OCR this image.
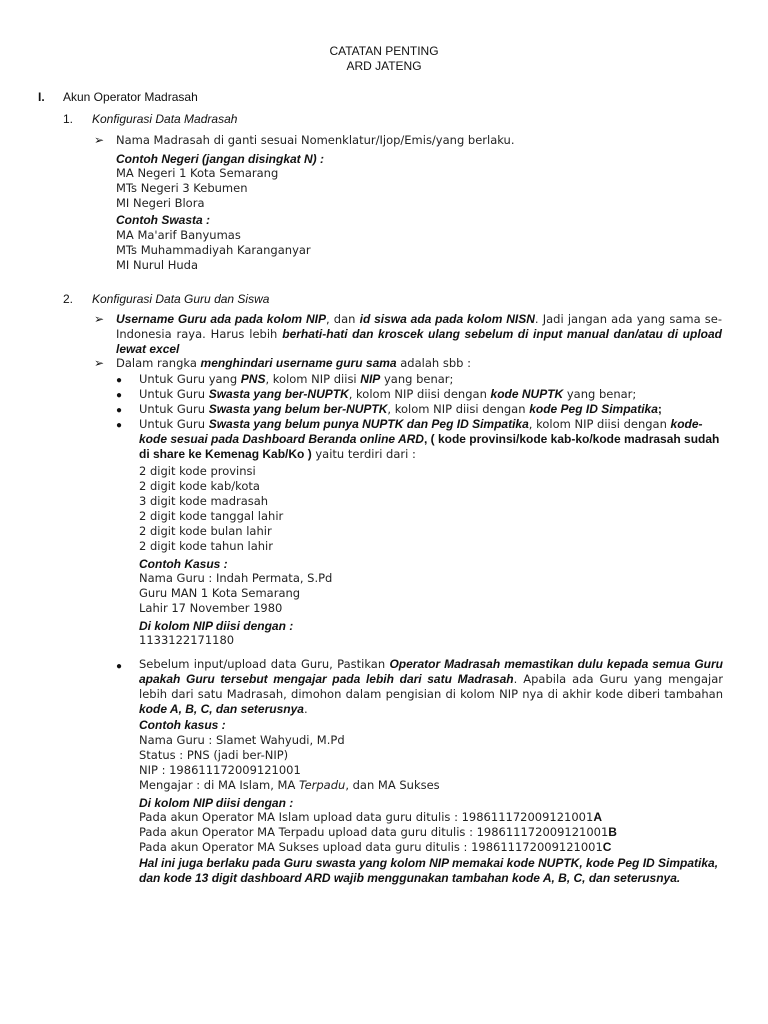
CATATAN PENTING
ARD JATENG
I. Akun Operator Madrasah
1. Konfigurasi Data Madrasah
➢ Nama Madrasah di ganti sesuai Nomenklatur/Ijop/Emis/yang berlaku.
Contoh Negeri (jangan disingkat N) :
MA Negeri 1 Kota Semarang
MTs Negeri 3 Kebumen
MI Negeri Blora
Contoh Swasta :
MA Ma'arif Banyumas
MTs Muhammadiyah Karanganyar
MI Nurul Huda
2. Konfigurasi Data Guru dan Siswa
➢ Username Guru ada pada kolom NIP, dan id siswa ada pada kolom NISN. Jadi jangan ada yang sama se-Indonesia raya. Harus lebih berhati-hati dan kroscek ulang sebelum di input manual dan/atau di upload lewat excel
➢ Dalam rangka menghindari username guru sama adalah sbb :
● Untuk Guru yang PNS, kolom NIP diisi NIP yang benar;
● Untuk Guru Swasta yang ber-NUPTK, kolom NIP diisi dengan kode NUPTK yang benar;
● Untuk Guru Swasta yang belum ber-NUPTK, kolom NIP diisi dengan kode Peg ID Simpatika;
● Untuk Guru Swasta yang belum punya NUPTK dan Peg ID Simpatika, kolom NIP diisi dengan kode-kode sesuai pada Dashboard Beranda online ARD, ( kode provinsi/kode kab-ko/kode madrasah sudah di share ke Kemenag Kab/Ko ) yaitu terdiri dari :
2 digit kode provinsi
2 digit kode kab/kota
3 digit kode madrasah
2 digit kode tanggal lahir
2 digit kode bulan lahir
2 digit kode tahun lahir
Contoh Kasus :
Nama Guru : Indah Permata, S.Pd
Guru MAN 1 Kota Semarang
Lahir 17 November 1980
Di kolom NIP diisi dengan :
1133122171180
● Sebelum input/upload data Guru, Pastikan Operator Madrasah memastikan dulu kepada semua Guru apakah Guru tersebut mengajar pada lebih dari satu Madrasah. Apabila ada Guru yang mengajar lebih dari satu Madrasah, dimohon dalam pengisian di kolom NIP nya di akhir kode diberi tambahan kode A, B, C, dan seterusnya.
Contoh kasus :
Nama Guru : Slamet Wahyudi, M.Pd
Status : PNS (jadi ber-NIP)
NIP : 198611172009121001
Mengajar : di MA Islam, MA Terpadu, dan MA Sukses
Di kolom NIP diisi dengan :
Pada akun Operator MA Islam upload data guru ditulis : 198611172009121001A
Pada akun Operator MA Terpadu upload data guru ditulis : 198611172009121001B
Pada akun Operator MA Sukses upload data guru ditulis : 198611172009121001C
Hal ini juga berlaku pada Guru swasta yang kolom NIP memakai kode NUPTK, kode Peg ID Simpatika, dan kode 13 digit dashboard ARD wajib menggunakan tambahan kode A, B, C, dan seterusnya.
